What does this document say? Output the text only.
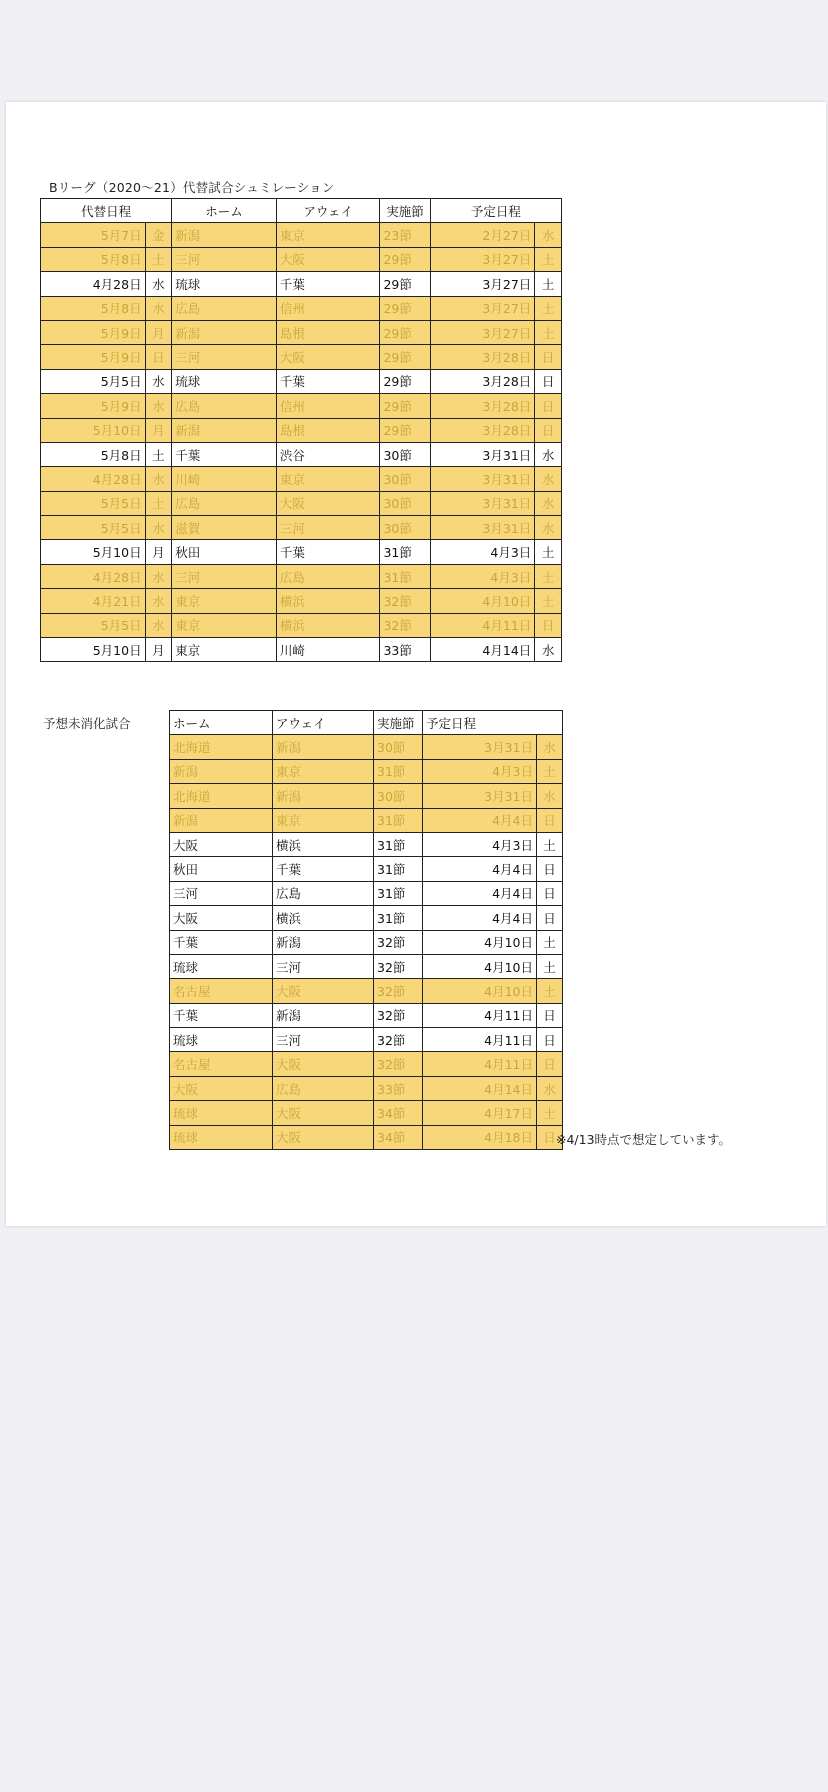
Bリーグ（2020〜21）代替試合シュミレーション
代替日程		ホーム	アウェイ	実施節	予定日程	
5月7日	金	新潟	東京	23節	2月27日	水
5月8日	土	三河	大阪	29節	3月27日	土
4月28日	水	琉球	千葉	29節	3月27日	土
5月8日	水	広島	信州	29節	3月27日	土
5月9日	月	新潟	島根	29節	3月27日	土
5月9日	日	三河	大阪	29節	3月28日	日
5月5日	水	琉球	千葉	29節	3月28日	日
5月9日	水	広島	信州	29節	3月28日	日
5月10日	月	新潟	島根	29節	3月28日	日
5月8日	土	千葉	渋谷	30節	3月31日	水
4月28日	水	川崎	東京	30節	3月31日	水
5月5日	土	広島	大阪	30節	3月31日	水
5月5日	水	滋賀	三河	30節	3月31日	水
5月10日	月	秋田	千葉	31節	4月3日	土
4月28日	水	三河	広島	31節	4月3日	土
4月21日	水	東京	横浜	32節	4月10日	土
5月5日	水	東京	横浜	32節	4月11日	日
5月10日	月	東京	川崎	33節	4月14日	水
予想未消化試合	ホーム	アウェイ	実施節	予定日程	
北海道	新潟	30節	3月31日	水
新潟	東京	31節	4月3日	土
北海道	新潟	30節	3月31日	水
新潟	東京	31節	4月4日	日
大阪	横浜	31節	4月3日	土
秋田	千葉	31節	4月4日	日
三河	広島	31節	4月4日	日
大阪	横浜	31節	4月4日	日
千葉	新潟	32節	4月10日	土
琉球	三河	32節	4月10日	土
名古屋	大阪	32節	4月10日	土
千葉	新潟	32節	4月11日	日
琉球	三河	32節	4月11日	日
名古屋	大阪	32節	4月11日	日
大阪	広島	33節	4月14日	水
琉球	大阪	34節	4月17日	土
琉球	大阪	34節	4月18日	日 ※4/13時点で想定しています。
